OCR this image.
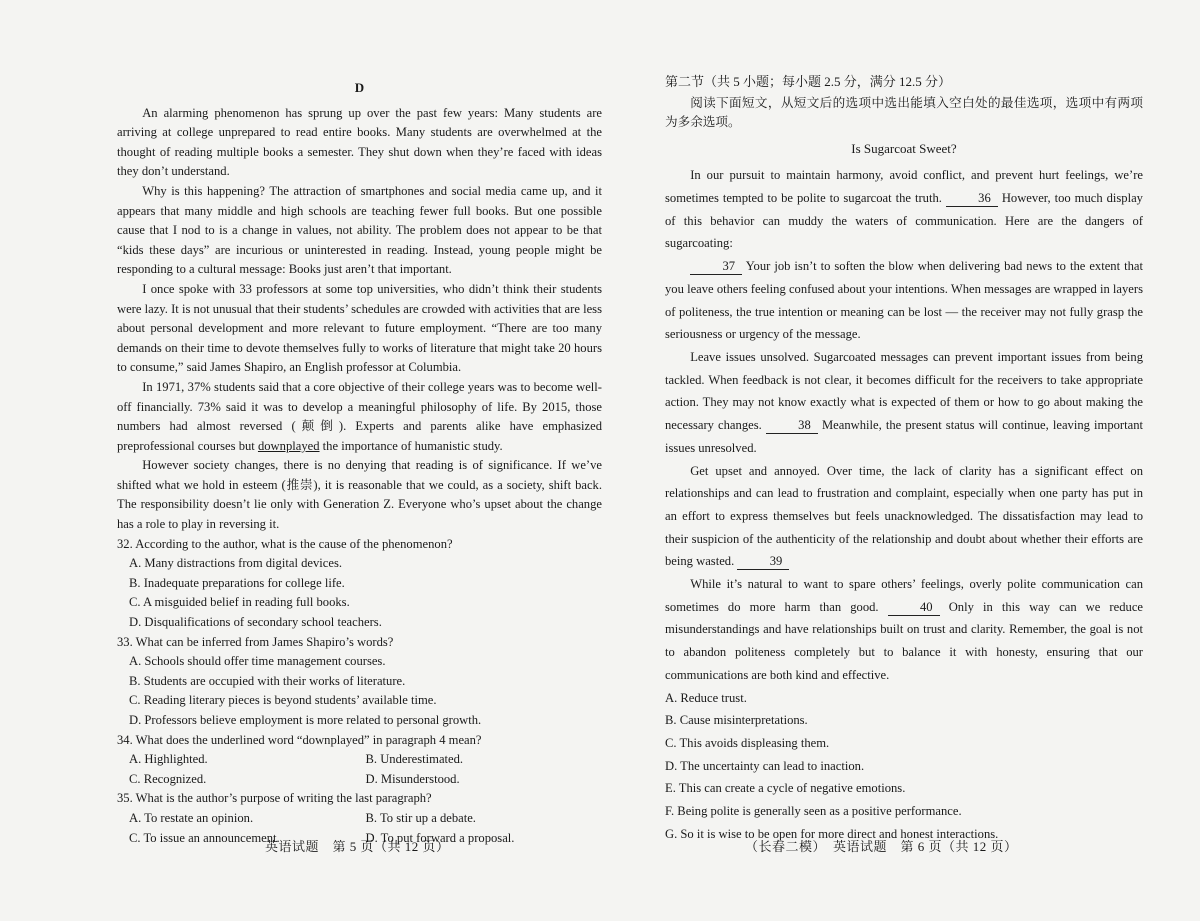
D

An alarming phenomenon has sprung up over the past few years: Many students are arriving at college unprepared to read entire books. Many students are overwhelmed at the thought of reading multiple books a semester. They shut down when they’re faced with ideas they don’t understand.

Why is this happening? The attraction of smartphones and social media came up, and it appears that many middle and high schools are teaching fewer full books. But one possible cause that I nod to is a change in values, not ability. The problem does not appear to be that “kids these days” are incurious or uninterested in reading. Instead, young people might be responding to a cultural message: Books just aren’t that important.

I once spoke with 33 professors at some top universities, who didn’t think their students were lazy. It is not unusual that their students’ schedules are crowded with activities that are less about personal development and more relevant to future employment. “There are too many demands on their time to devote themselves fully to works of literature that might take 20 hours to consume,” said James Shapiro, an English professor at Columbia.

In 1971, 37% students said that a core objective of their college years was to become well-off financially. 73% said it was to develop a meaningful philosophy of life. By 2015, those numbers had almost reversed (颠倒). Experts and parents alike have emphasized preprofessional courses but downplayed the importance of humanistic study.

However society changes, there is no denying that reading is of significance. If we’ve shifted what we hold in esteem (推崇), it is reasonable that we could, as a society, shift back. The responsibility doesn’t lie only with Generation Z. Everyone who’s upset about the change has a role to play in reversing it.

32. According to the author, what is the cause of the phenomenon?
A. Many distractions from digital devices.
B. Inadequate preparations for college life.
C. A misguided belief in reading full books.
D. Disqualifications of secondary school teachers.
33. What can be inferred from James Shapiro’s words?
A. Schools should offer time management courses.
B. Students are occupied with their works of literature.
C. Reading literary pieces is beyond students’ available time.
D. Professors believe employment is more related to personal growth.
34. What does the underlined word “downplayed” in paragraph 4 mean?
A. Highlighted.	B. Underestimated.
C. Recognized.	D. Misunderstood.
35. What is the author’s purpose of writing the last paragraph?
A. To restate an opinion.	B. To stir up a debate.
C. To issue an announcement.	D. To put forward a proposal.
英语试题　第 5 页（共 12 页）
第二节（共 5 小题；每小题 2.5 分，满分 12.5 分）

阅读下面短文，从短文后的选项中选出能填入空白处的最佳选项，选项中有两项为多余选项。

Is Sugarcoat Sweet?

In our pursuit to maintain harmony, avoid conflict, and prevent hurt feelings, we’re sometimes tempted to be polite to sugarcoat the truth.	36 However, too much display of this behavior can muddy the waters of communication. Here are the dangers of sugarcoating:

37 Your job isn’t to soften the blow when delivering bad news to the extent that you leave others feeling confused about your intentions. When messages are wrapped in layers of politeness, the true intention or meaning can be lost — the receiver may not fully grasp the seriousness or urgency of the message.

Leave issues unsolved. Sugarcoated messages can prevent important issues from being tackled. When feedback is not clear, it becomes difficult for the receivers to take appropriate action. They may not know exactly what is expected of them or how to go about making the necessary changes.	38 Meanwhile, the present status will continue, leaving important issues unresolved.

Get upset and annoyed. Over time, the lack of clarity has a significant effect on relationships and can lead to frustration and complaint, especially when one party has put in an effort to express themselves but feels unacknowledged. The dissatisfaction may lead to their suspicion of the authenticity of the relationship and doubt about whether their efforts are being wasted.	39

While it’s natural to want to spare others’ feelings, overly polite communication can sometimes do more harm than good.	40 Only in this way can we reduce misunderstandings and have relationships built on trust and clarity. Remember, the goal is not to abandon politeness completely but to balance it with honesty, ensuring that our communications are both kind and effective.

A. Reduce trust.
B. Cause misinterpretations.
C. This avoids displeasing them.
D. The uncertainty can lead to inaction.
E. This can create a cycle of negative emotions.
F. Being polite is generally seen as a positive performance.
G. So it is wise to be open for more direct and honest interactions.
（长春二模）　英语试题　第 6 页（共 12 页）
